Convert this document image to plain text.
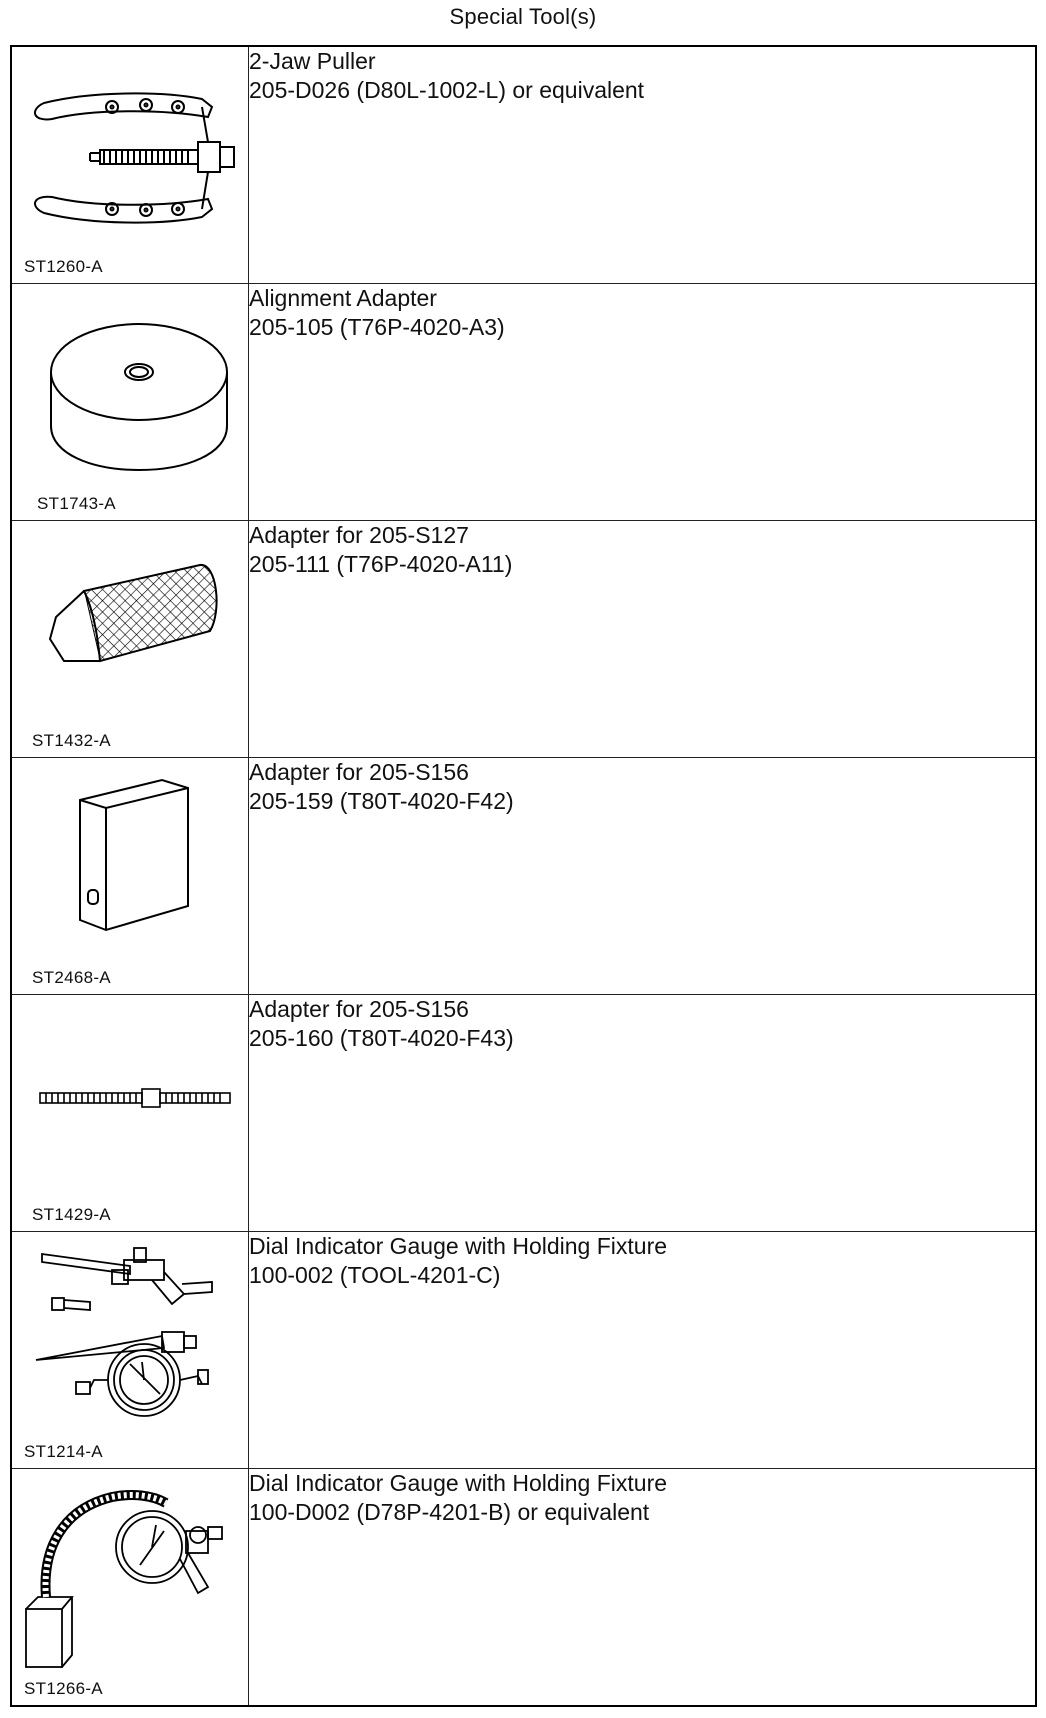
Special Tool(s)
ST1260-A	2-Jaw Puller
205-D026 (D80L-1002-L) or equivalent

ST1743-A	Alignment Adapter
205-105 (T76P-4020-A3)

ST1432-A	Adapter for 205-S127
205-111 (T76P-4020-A11)

ST2468-A	Adapter for 205-S156
205-159 (T80T-4020-F42)

ST1429-A	Adapter for 205-S156
205-160 (T80T-4020-F43)

ST1214-A	Dial Indicator Gauge with Holding Fixture
100-002 (TOOL-4201-C)

ST1266-A	Dial Indicator Gauge with Holding Fixture
100-D002 (D78P-4201-B) or equivalent
